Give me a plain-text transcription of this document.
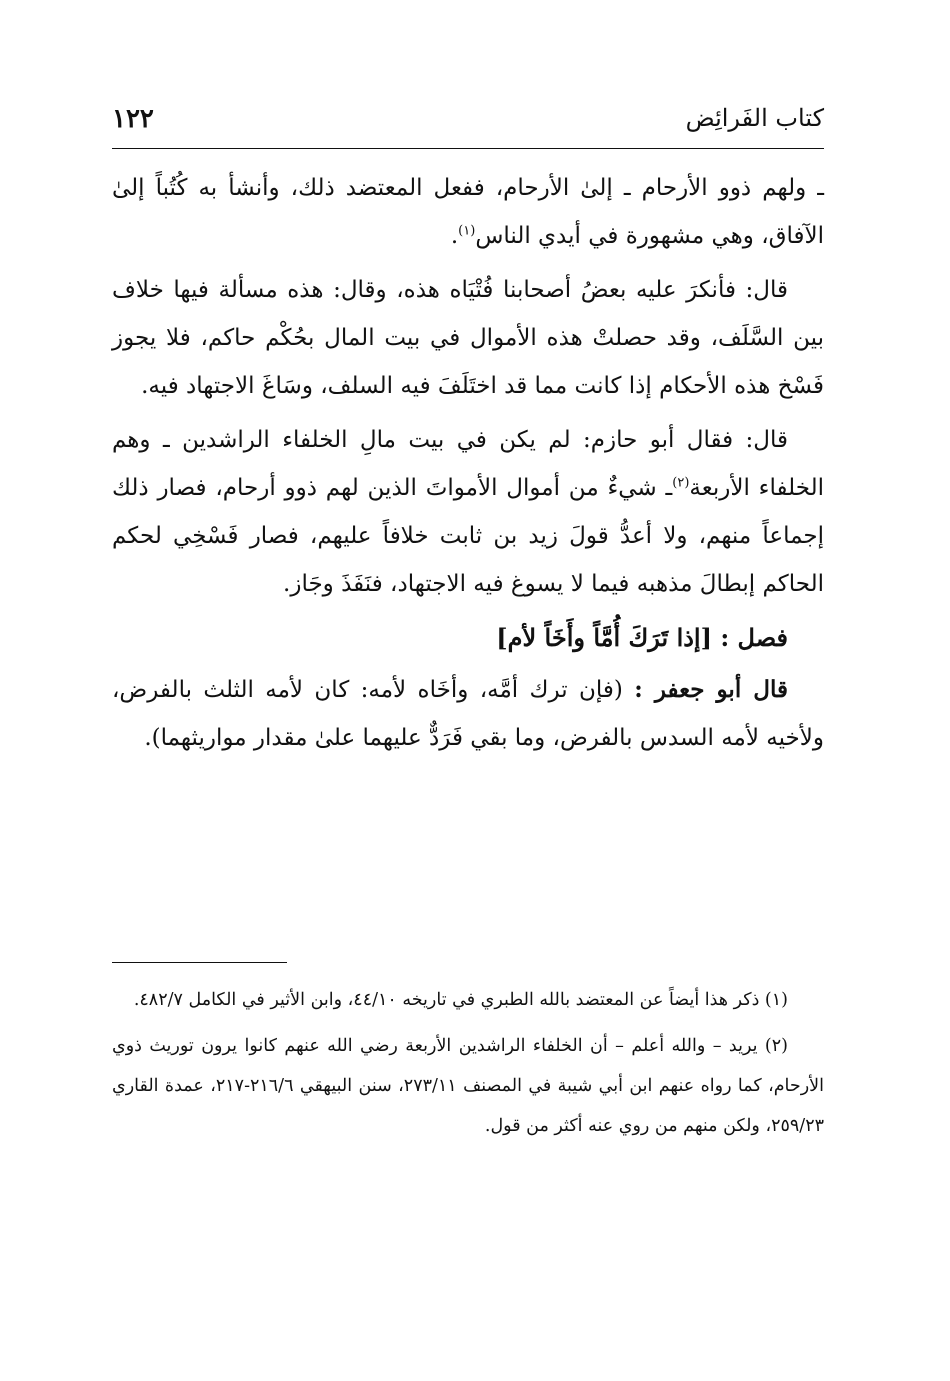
كتاب الفَرائِض
١٢٢

ـ ولهم ذوو الأرحام ـ إلىٰ الأرحام، ففعل المعتضد ذلك، وأنشأ به كُتُباً إلىٰ الآفاق، وهي مشهورة في أيدي الناس$^{(١)}$.

قال: فأنكرَ عليه بعضُ أصحابنا فُتْيَاه هذه، وقال: هذه مسألة فيها خلاف بين السَّلَف، وقد حصلتْ هذه الأموال في بيت المال بحُكْم حاكم، فلا يجوز فَسْخ هذه الأحكام إذا كانت مما قد اختَلَفَ فيه السلف، وسَاغَ الاجتهاد فيه.

قال: فقال أبو حازم: لم يكن في بيت مالِ الخلفاء الراشدين ـ وهم الخلفاء الأربعة$^{(٢)}$ـ شيءٌ من أموال الأمواتَ الذين لهم ذوو أرحام، فصار ذلك إجماعاً منهم، ولا أعدُّ قولَ زيد بن ثابت خلافاً عليهم، فصار فَسْخِي لحكم الحاكم إبطالَ مذهبه فيما لا يسوغ فيه الاجتهاد، فنَفَذَ وجَاز.

فصل : [إذا تَرَكَ أُمَّاً وأَخَاً لأم]

قال أبو جعفر : (فإن ترك أمَّه، وأخَاه لأمه: كان لأمه الثلث بالفرض، ولأخيه لأمه السدس بالفرض، وما بقي فَرَدٌّ عليهما علىٰ مقدار مواريثهما).

(١) ذكر هذا أيضاً عن المعتضد بالله الطبري في تاريخه ٤٤/١٠، وابن الأثير في الكامل ٤٨٢/٧.

(٢) يريد – والله أعلم – أن الخلفاء الراشدين الأربعة رضي الله عنهم كانوا يرون توريث ذوي الأرحام، كما رواه عنهم ابن أبي شيبة في المصنف ٢٧٣/١١، سنن البيهقي ٢١٦/٦-٢١٧، عمدة القاري ٢٥٩/٢٣، ولكن منهم من روي عنه أكثر من قول.
